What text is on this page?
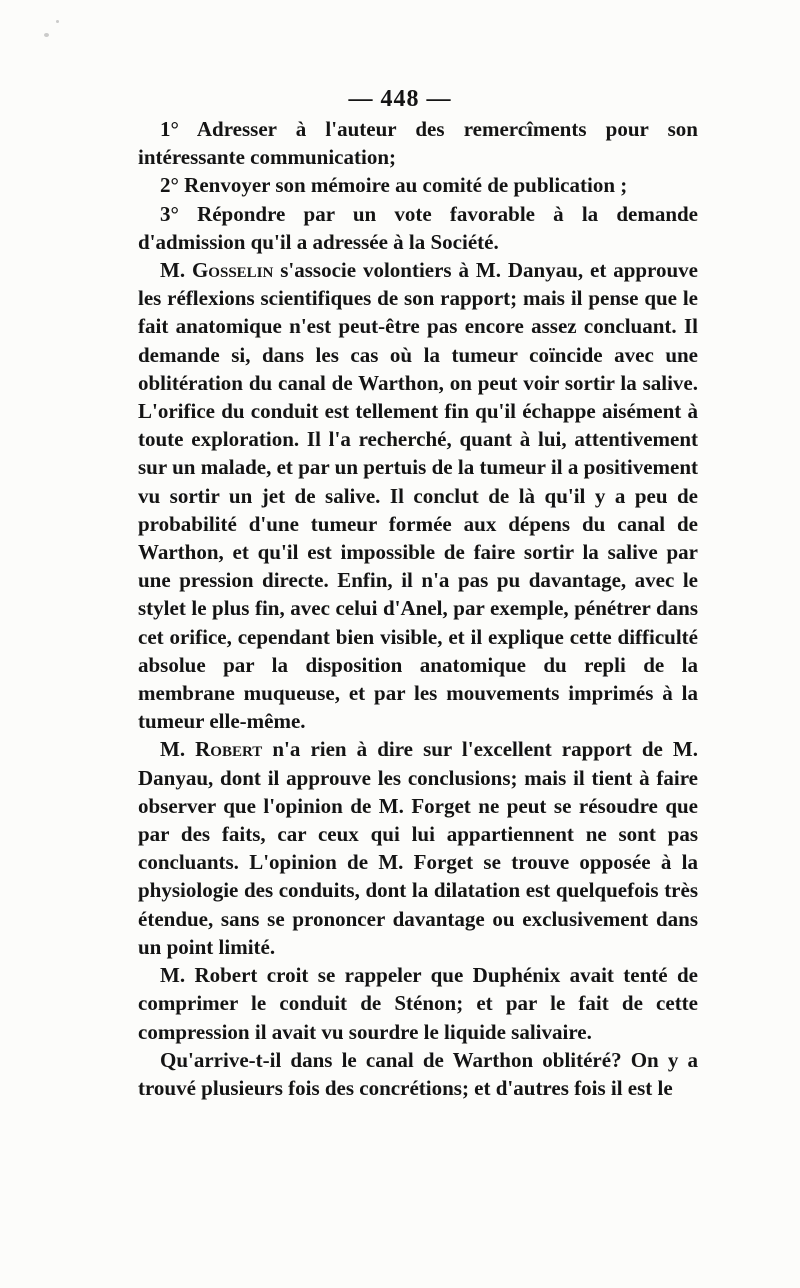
— 448 —

1° Adresser à l'auteur des remercîments pour son intéressante communication;

2° Renvoyer son mémoire au comité de publication ;

3° Répondre par un vote favorable à la demande d'admission qu'il a adressée à la Société.

M. Gosselin s'associe volontiers à M. Danyau, et approuve les réflexions scientifiques de son rapport; mais il pense que le fait anatomique n'est peut-être pas encore assez concluant. Il demande si, dans les cas où la tumeur coïncide avec une oblitération du canal de Warthon, on peut voir sortir la salive. L'orifice du conduit est tellement fin qu'il échappe aisément à toute exploration. Il l'a recherché, quant à lui, attentivement sur un malade, et par un pertuis de la tumeur il a positivement vu sortir un jet de salive. Il conclut de là qu'il y a peu de probabilité d'une tumeur formée aux dépens du canal de Warthon, et qu'il est impossible de faire sortir la salive par une pression directe. Enfin, il n'a pas pu davantage, avec le stylet le plus fin, avec celui d'Anel, par exemple, pénétrer dans cet orifice, cependant bien visible, et il explique cette difficulté absolue par la disposition anatomique du repli de la membrane muqueuse, et par les mouvements imprimés à la tumeur elle-même.

M. Robert n'a rien à dire sur l'excellent rapport de M. Danyau, dont il approuve les conclusions; mais il tient à faire observer que l'opinion de M. Forget ne peut se résoudre que par des faits, car ceux qui lui appartiennent ne sont pas concluants. L'opinion de M. Forget se trouve opposée à la physiologie des conduits, dont la dilatation est quelquefois très étendue, sans se prononcer davantage ou exclusivement dans un point limité.

M. Robert croit se rappeler que Duphénix avait tenté de comprimer le conduit de Sténon; et par le fait de cette compression il avait vu sourdre le liquide salivaire.

Qu'arrive-t-il dans le canal de Warthon oblitéré? On y a trouvé plusieurs fois des concrétions; et d'autres fois il est le
